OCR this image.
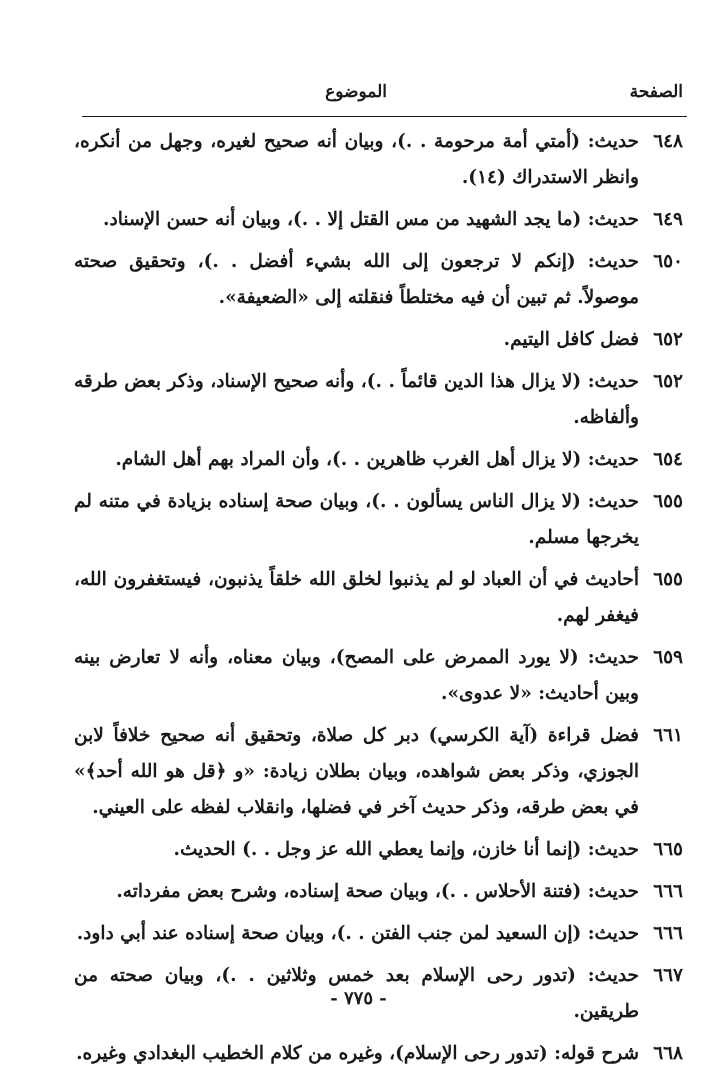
الصفحة
الموضوع
٦٤٨
حديث: (أمتي أمة مرحومة . .)، وبيان أنه صحيح لغيره، وجهل من أنكره، وانظر الاستدراك (١٤).
٦٤٩
حديث: (ما يجد الشهيد من مس القتل إلا . .)، وبيان أنه حسن الإسناد.
٦٥٠
حديث: (إنكم لا ترجعون إلى الله بشيء أفضل . .)، وتحقيق صحته موصولاً. ثم تبين أن فيه مختلطاً فنقلته إلى «الضعيفة».
٦٥٢
فضل كافل اليتيم.
٦٥٢
حديث: (لا يزال هذا الدين قائماً . .)، وأنه صحيح الإسناد، وذكر بعض طرقه وألفاظه.
٦٥٤
حديث: (لا يزال أهل الغرب ظاهرين . .)، وأن المراد بهم أهل الشام.
٦٥٥
حديث: (لا يزال الناس يسألون . .)، وبيان صحة إسناده بزيادة في متنه لم يخرجها مسلم.
٦٥٥
أحاديث في أن العباد لو لم يذنبوا لخلق الله خلقاً يذنبون، فيستغفرون الله، فيغفر لهم.
٦٥٩
حديث: (لا يورد الممرض على المصح)، وبيان معناه، وأنه لا تعارض بينه وبين أحاديث: «لا عدوى».
٦٦١
فضل قراءة (آية الكرسي) دبر كل صلاة، وتحقيق أنه صحيح خلافاً لابن الجوزي، وذكر بعض شواهده، وبيان بطلان زيادة: «و ﴿قل هو الله أحد﴾» في بعض طرقه، وذكر حديث آخر في فضلها، وانقلاب لفظه على العيني.
٦٦٥
حديث: (إنما أنا خازن، وإنما يعطي الله عز وجل . .) الحديث.
٦٦٦
حديث: (فتنة الأحلاس . .)، وبيان صحة إسناده، وشرح بعض مفرداته.
٦٦٦
حديث: (إن السعيد لمن جنب الفتن . .)، وبيان صحة إسناده عند أبي داود.
٦٦٧
حديث: (تدور رحى الإسلام بعد خمس وثلاثين . .)، وبيان صحته من طريقين.
٦٦٨
شرح قوله: (تدور رحى الإسلام)، وغيره من كلام الخطيب البغدادي وغيره.
- ٧٧٥ -
